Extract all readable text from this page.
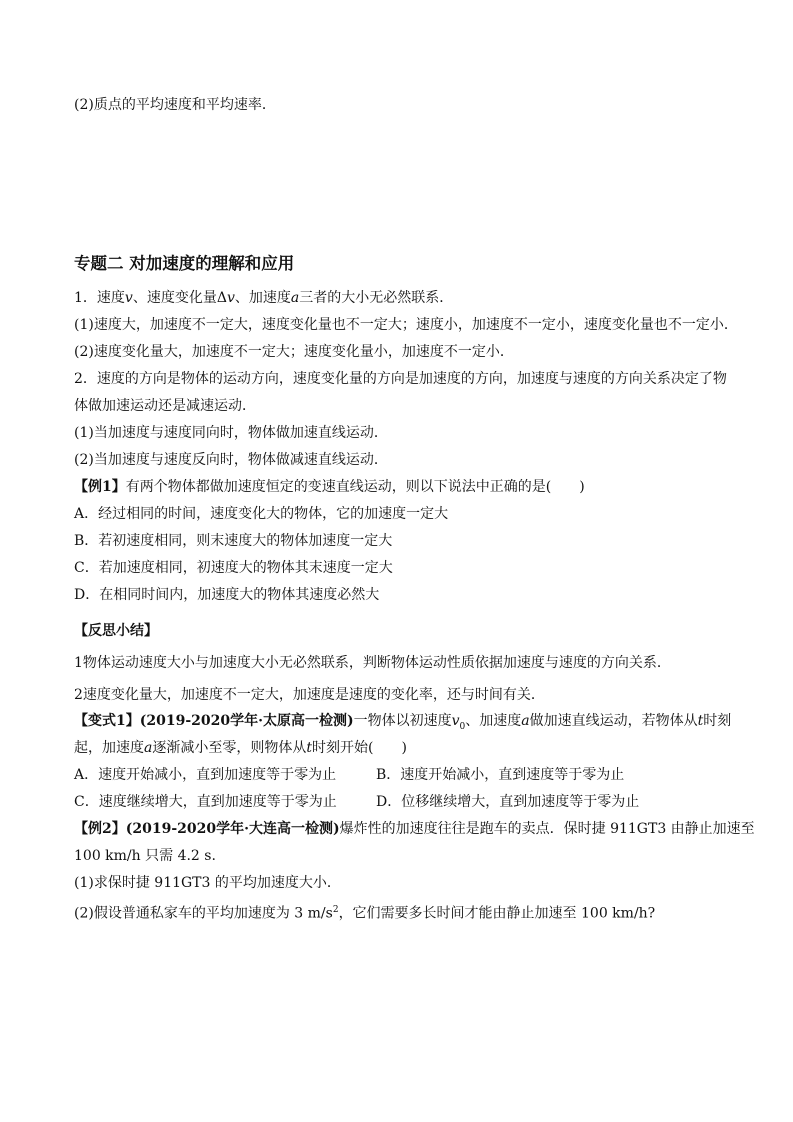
(2)质点的平均速度和平均速率．
专题二 对加速度的理解和应用
1．速度v、速度变化量Δv、加速度a三者的大小无必然联系．
(1)速度大，加速度不一定大，速度变化量也不一定大；速度小，加速度不一定小，速度变化量也不一定小．
(2)速度变化量大，加速度不一定大；速度变化量小，加速度不一定小．
2．速度的方向是物体的运动方向，速度变化量的方向是加速度的方向，加速度与速度的方向关系决定了物
体做加速运动还是减速运动．
(1)当加速度与速度同向时，物体做加速直线运动．
(2)当加速度与速度反向时，物体做减速直线运动．
【例1】有两个物体都做加速度恒定的变速直线运动，则以下说法中正确的是(　　)
A．经过相同的时间，速度变化大的物体，它的加速度一定大
B．若初速度相同，则末速度大的物体加速度一定大
C．若加速度相同，初速度大的物体其末速度一定大
D．在相同时间内，加速度大的物体其速度必然大
【反思小结】
1物体运动速度大小与加速度大小无必然联系，判断物体运动性质依据加速度与速度的方向关系．
2速度变化量大，加速度不一定大，加速度是速度的变化率，还与时间有关．
【变式1】(2019-2020学年·太原高一检测)一物体以初速度$v_0$、加速度a做加速直线运动，若物体从t时刻
起，加速度a逐渐减小至零，则物体从t时刻开始(　　)
A．速度开始减小，直到加速度等于零为止	B．速度开始减小，直到速度等于零为止
C．速度继续增大，直到加速度等于零为止	D．位移继续增大，直到加速度等于零为止
【例2】(2019-2020学年·大连高一检测)爆炸性的加速度往往是跑车的卖点．保时捷 911GT3 由静止加速至
100 km/h 只需 4.2 s.
(1)求保时捷 911GT3 的平均加速度大小．
(2)假设普通私家车的平均加速度为 3 $m/s^2$，它们需要多长时间才能由静止加速至 100 km/h?
